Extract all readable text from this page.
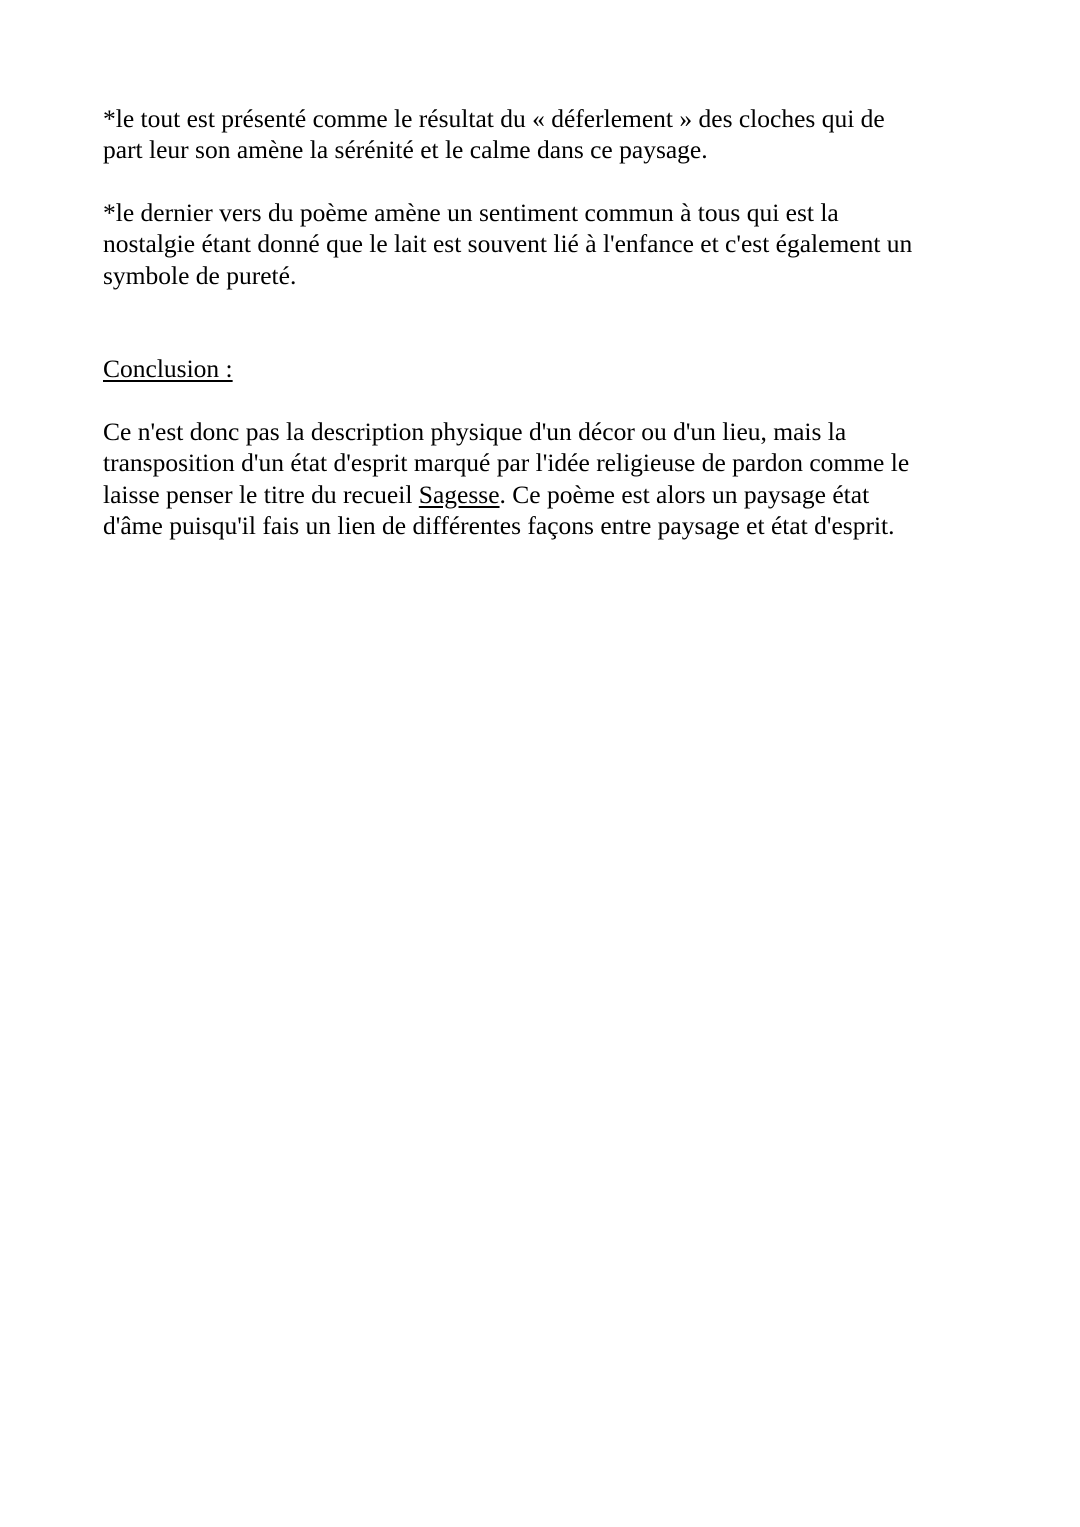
*le tout est présenté comme le résultat du « déferlement » des cloches qui de
part leur son amène la sérénité et le calme dans ce paysage.

*le dernier vers du poème amène un sentiment commun à tous qui est la
nostalgie étant donné que le lait est souvent lié à l'enfance et c'est également un
symbole de pureté.

Conclusion :

Ce n'est donc pas la description physique d'un décor ou d'un lieu, mais la
transposition d'un état d'esprit marqué par l'idée religieuse de pardon comme le
laisse penser le titre du recueil Sagesse. Ce poème est alors un paysage état
d'âme puisqu'il fais un lien de différentes façons entre paysage et état d'esprit.
